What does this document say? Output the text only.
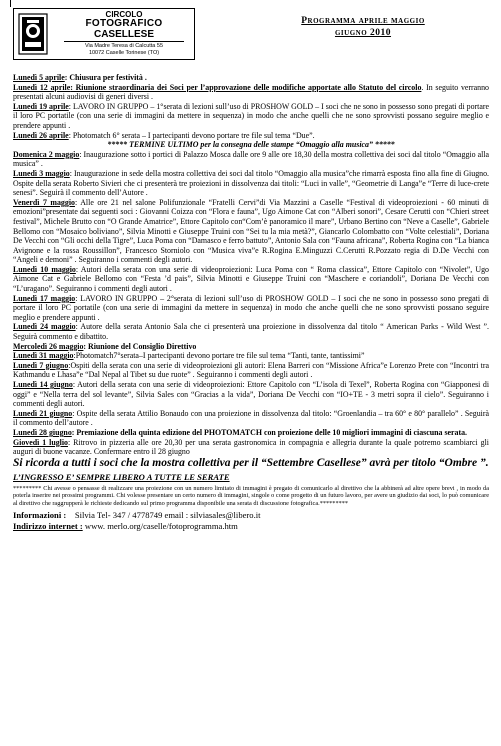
CIRCOLO
FOTOGRAFICO
CASELLESE
Via Madre Teresa di Calcutta 55
10072 Caselle Torinese (TO)
Programma aprile maggio
giugno 2010

Lunedì 5 aprile: Chiusura per festività .

Lunedì 12 aprile: Riunione straordinaria dei Soci per l’approvazione delle modifiche apportate allo Statuto del circolo. In seguito verranno presentati alcuni audiovisi di generi diversi .

Lunedì 19 aprile: LAVORO IN GRUPPO – 1°serata di lezioni sull’uso di PROSHOW GOLD – I soci che ne sono in possesso sono pregati di portare il loro PC portatile (con una serie di immagini da mettere in sequenza) in modo che anche quelli che ne sono sprovvisti possano seguire meglio e prendere appunti .

Lunedì 26 aprile: Photomatch 6° serata – I partecipanti devono portare tre file sul tema “Due”.

***** TERMINE ULTIMO per la consegna delle stampe “Omaggio alla musica” *****

Domenica 2 maggio: Inaugurazione sotto i portici di Palazzo Mosca dalle ore 9 alle ore 18,30 della mostra collettiva dei soci dal titolo “Omaggio alla musica” .

Lunedì 3 maggio: Inaugurazione in sede della mostra collettiva dei soci dal titolo “Omaggio alla musica”che rimarrà esposta fino alla fine di Giugno. Ospite della serata Roberto Sivieri che ci presenterà tre proiezioni in dissolvenza dai titoli: “Luci in valle”, “Geometrie di Langa”e “Terre di luce-crete senesi”. Seguirà il commento dell’Autore .

Venerdì 7 maggio: Alle ore 21 nel salone Polifunzionale “Fratelli Cervi”di Via Mazzini a Caselle “Festival di videoproiezioni - 60 minuti di emozioni”presentate dai seguenti soci : Giovanni Coizza con “Flora e fauna”, Ugo Aimone Cat con “Alberi sonori”, Cesare Cerutti con “Chieri street festival”, Michele Brutto con “O Grande Amatrice”, Ettore Capitolo con“Com’è panoramico il mare”, Urbano Bertino con “Neve a Caselle”, Gabriele Bellomo con “Mosaico boliviano”, Silvia Minotti e Giuseppe Truini con “Sei tu la mia metà?”, Giancarlo Colombatto con “Volte celestiali”, Doriana De Vecchi con “Gli occhi della Tigre”, Luca Poma con “Damasco e ferro battuto”, Antonio Sala con “Fauna africana”, Roberta Rogina con “La bianca Avignone e la rossa Roussillon”, Francesco Storniolo con “Musica viva”e R.Rogina E.Minguzzi C.Cerutti R.Pozzato regia di D.De Vecchi con “Angeli e demoni” . Seguiranno i commenti degli autori.

Lunedì 10 maggio: Autori della serata con una serie di videoproiezioni: Luca Poma con “ Roma classica”, Ettore Capitolo con “Nivolet”, Ugo Aimone Cat e Gabriele Bellomo con “Festa ’d pais”, Silvia Minotti e Giuseppe Truini con “Maschere e coriandoli”, Doriana De Vecchi con “L’uragano”. Seguiranno i commenti degli autori .

Lunedì 17 maggio: LAVORO IN GRUPPO – 2°serata di lezioni sull’uso di PROSHOW GOLD – I soci che ne sono in possesso sono pregati di portare il loro PC portatile (con una serie di immagini da mettere in sequenza) in modo che anche quelli che ne sono sprovvisti possano seguire meglio e prendere appunti .

Lunedì 24 maggio: Autore della serata Antonio Sala che ci presenterà una proiezione in dissolvenza dal titolo “ American Parks - Wild West ”. Seguirà commento e dibattito.

Mercoledì 26 maggio: Riunione del Consiglio Direttivo

Lunedì 31 maggio:Photomatch7°serata–I partecipanti devono portare tre file sul tema “Tanti, tante, tantissimi”

Lunedì 7 giugno:Ospiti della serata con una serie di videoproiezioni gli autori: Elena Barreri con “Missione Africa”e Lorenzo Prete con “Incontri tra Kathmandu e Lhasa”e “Dal Nepal al Tibet su due ruote” . Seguiranno i commenti degli autori .

Lunedì 14 giugno: Autori della serata con una serie di videoproiezioni: Ettore Capitolo con “L’isola di Texel”, Roberta Rogina con “Giapponesi di oggi” e “Nella terra del sol levante”, Silvia Sales con “Gracias a la vida”, Doriana De Vecchi con “IO+TE - 3 metri sopra il cielo”. Seguiranno i commenti degli autori.

Lunedì 21 giugno: Ospite della serata Attilio Bonaudo con una proiezione in dissolvenza dal titolo: “Groenlandia – tra 60° e 80° parallelo” . Seguirà il commento dell’autore .

Lunedì 28 giugno: Premiazione della quinta edizione del PHOTOMATCH con proiezione delle 10 migliori immagini di ciascuna serata.

Giovedì 1 luglio: Ritrovo in pizzeria alle ore 20,30 per una serata gastronomica in compagnia e allegria durante la quale potremo scambiarci gli auguri di buone vacanze. Confermare entro il 28 giugno

Si ricorda a tutti i soci che la mostra collettiva per il “Settembre Casellese” avrà per titolo “Ombre ”.

L’INGRESSO E’ SEMPRE LIBERO A TUTTE LE SERATE

********* Chi avesse o pensasse di realizzare una proiezione con un numero limitato di immagini è pregato di comunicarlo al direttivo che la abbinerà ad altre opere brevi , in modo da poterla inserire nei prossimi programmi. Chi volesse presentare un certo numero di immagini, singole o come progetto di un futuro lavoro, per avere un giudizio dai soci, lo può comunicare al direttivo che raggrupperà le richieste dedicando sul primo programma disponibile una serata di discussione fotografica.*********

Informazioni : Silvia Tel- 347 / 4778749 email : silviasales@libero.it

Indirizzo internet : www. merlo.org/caselle/fotoprogramma.htm
